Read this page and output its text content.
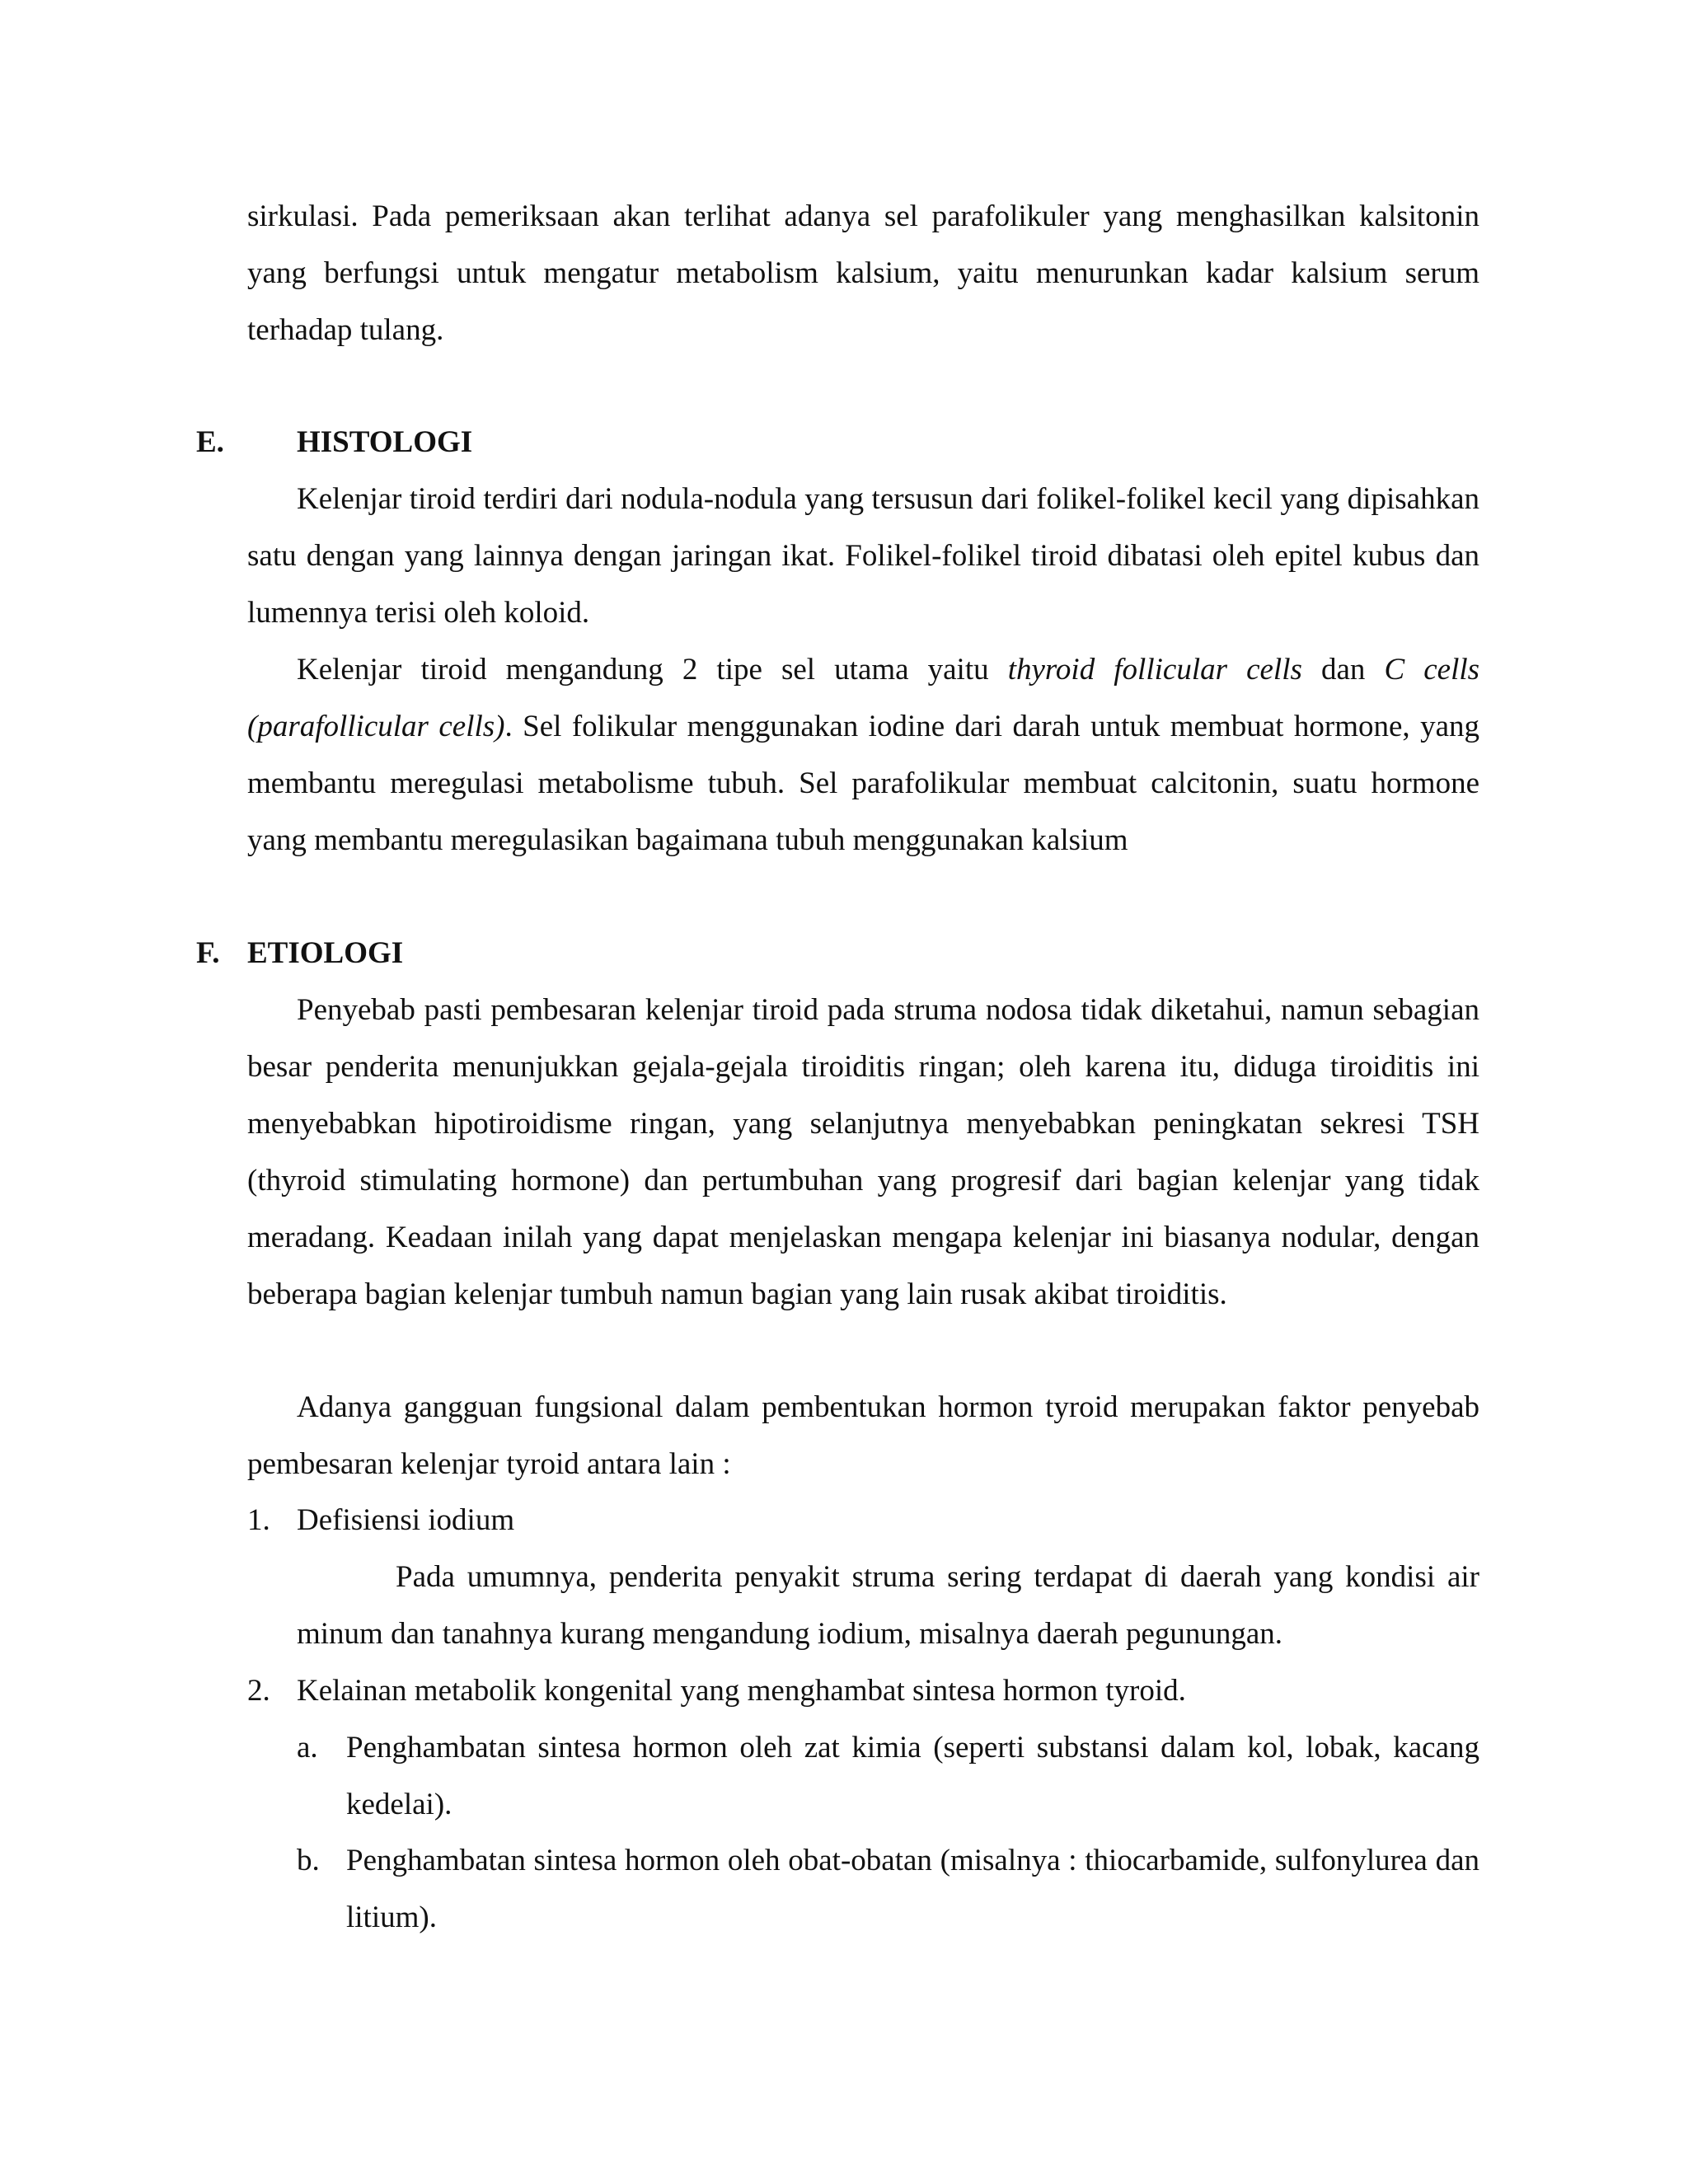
sirkulasi. Pada pemeriksaan akan terlihat adanya sel parafolikuler yang menghasilkan kalsitonin yang berfungsi untuk mengatur metabolism kalsium, yaitu menurunkan kadar kalsium serum terhadap tulang.

E. HISTOLOGI

Kelenjar tiroid terdiri dari nodula-nodula yang tersusun dari folikel-folikel kecil yang dipisahkan satu dengan yang lainnya dengan jaringan ikat. Folikel-folikel tiroid dibatasi oleh epitel kubus dan lumennya terisi oleh koloid.

Kelenjar tiroid mengandung 2 tipe sel utama yaitu thyroid follicular cells dan C cells (parafollicular cells). Sel folikular menggunakan iodine dari darah untuk membuat hormone, yang membantu meregulasi metabolisme tubuh. Sel parafolikular membuat calcitonin, suatu hormone yang membantu meregulasikan bagaimana tubuh menggunakan kalsium

F. ETIOLOGI

Penyebab pasti pembesaran kelenjar tiroid pada struma nodosa tidak diketahui, namun sebagian besar penderita menunjukkan gejala-gejala tiroiditis ringan; oleh karena itu, diduga tiroiditis ini menyebabkan hipotiroidisme ringan, yang selanjutnya menyebabkan peningkatan sekresi TSH (thyroid stimulating hormone) dan pertumbuhan yang progresif dari bagian kelenjar yang tidak meradang. Keadaan inilah yang dapat menjelaskan mengapa kelenjar ini biasanya nodular, dengan beberapa bagian kelenjar tumbuh namun bagian yang lain rusak akibat tiroiditis.

Adanya gangguan fungsional dalam pembentukan hormon tyroid merupakan faktor penyebab pembesaran kelenjar tyroid antara lain :

1. Defisiensi iodium

Pada umumnya, penderita penyakit struma sering terdapat di daerah yang kondisi air minum dan tanahnya kurang mengandung iodium, misalnya daerah pegunungan.

2. Kelainan metabolik kongenital yang menghambat sintesa hormon tyroid.

a. Penghambatan sintesa hormon oleh zat kimia (seperti substansi dalam kol, lobak, kacang kedelai).

b. Penghambatan sintesa hormon oleh obat-obatan (misalnya : thiocarbamide, sulfonylurea dan litium).
